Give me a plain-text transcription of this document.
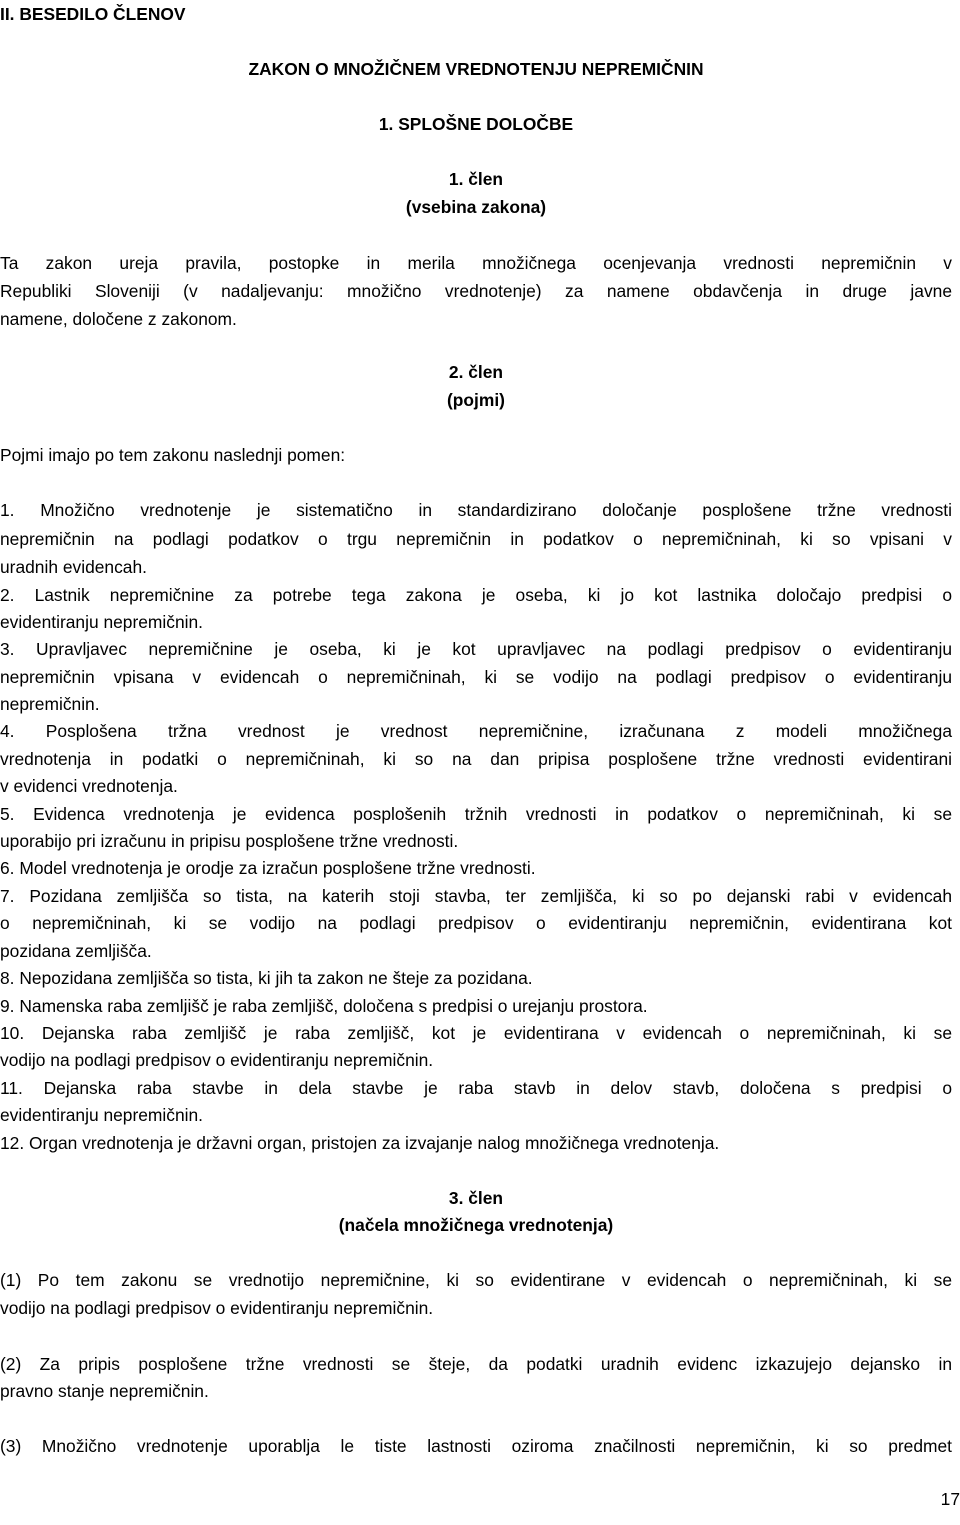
II. BESEDILO ČLENOV
ZAKON O MNOŽIČNEM VREDNOTENJU NEPREMIČNIN
1. SPLOŠNE DOLOČBE
1. člen
(vsebina zakona)
Ta zakon ureja pravila, postopke in merila množičnega ocenjevanja vrednosti nepremičnin v
Republiki Sloveniji (v nadaljevanju: množično vrednotenje) za namene obdavčenja in druge javne
namene, določene z zakonom.
2. člen
(pojmi)
Pojmi imajo po tem zakonu naslednji pomen:
1. Množično vrednotenje je sistematično in standardizirano določanje posplošene tržne vrednosti
nepremičnin na podlagi podatkov o trgu nepremičnin in podatkov o nepremičninah, ki so vpisani v
uradnih evidencah.
2. Lastnik nepremičnine za potrebe tega zakona je oseba, ki jo kot lastnika določajo predpisi o
evidentiranju nepremičnin.
3. Upravljavec nepremičnine je oseba, ki je kot upravljavec na podlagi predpisov o evidentiranju
nepremičnin vpisana v evidencah o nepremičninah, ki se vodijo na podlagi predpisov o evidentiranju
nepremičnin.
4. Posplošena tržna vrednost je vrednost nepremičnine, izračunana z modeli množičnega
vrednotenja in podatki o nepremičninah, ki so na dan pripisa posplošene tržne vrednosti evidentirani
v evidenci vrednotenja.
5. Evidenca vrednotenja je evidenca posplošenih tržnih vrednosti in podatkov o nepremičninah, ki se
uporabijo pri izračunu in pripisu posplošene tržne vrednosti.
6. Model vrednotenja je orodje za izračun posplošene tržne vrednosti.
7. Pozidana zemljišča so tista, na katerih stoji stavba, ter zemljišča, ki so po dejanski rabi v evidencah
o nepremičninah, ki se vodijo na podlagi predpisov o evidentiranju nepremičnin, evidentirana kot
pozidana zemljišča.
8. Nepozidana zemljišča so tista, ki jih ta zakon ne šteje za pozidana.
9. Namenska raba zemljišč je raba zemljišč, določena s predpisi o urejanju prostora.
10. Dejanska raba zemljišč je raba zemljišč, kot je evidentirana v evidencah o nepremičninah, ki se
vodijo na podlagi predpisov o evidentiranju nepremičnin.
11. Dejanska raba stavbe in dela stavbe je raba stavb in delov stavb, določena s predpisi o
evidentiranju nepremičnin.
12. Organ vrednotenja je državni organ, pristojen za izvajanje nalog množičnega vrednotenja.
3. člen
(načela množičnega vrednotenja)
(1) Po tem zakonu se vrednotijo nepremičnine, ki so evidentirane v evidencah o nepremičninah, ki se
vodijo na podlagi predpisov o evidentiranju nepremičnin.
(2) Za pripis posplošene tržne vrednosti se šteje, da podatki uradnih evidenc izkazujejo dejansko in
pravno stanje nepremičnin.
(3) Množično vrednotenje uporablja le tiste lastnosti oziroma značilnosti nepremičnin, ki so predmet
17
